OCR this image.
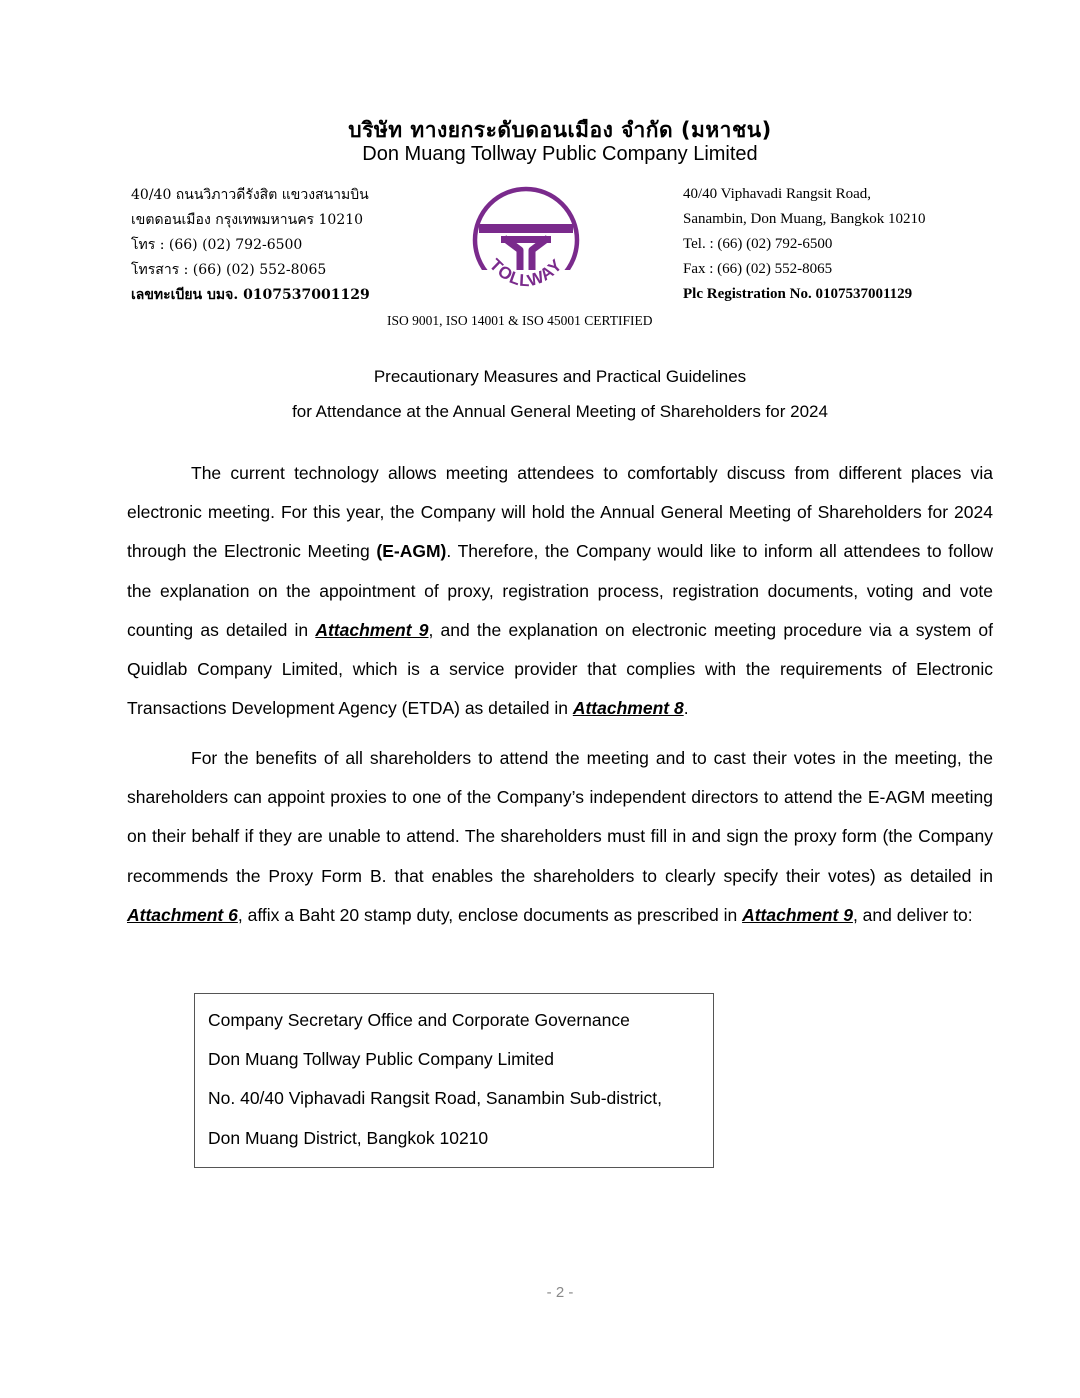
บริษัท ทางยกระดับดอนเมือง จำกัด (มหาชน)
Don Muang Tollway Public Company Limited
40/40 ถนนวิภาวดีรังสิต แขวงสนามบิน
เขตดอนเมือง กรุงเทพมหานคร 10210
โทร : (66) (02) 792-6500
โทรสาร : (66) (02) 552-8065
เลขทะเบียน บมจ. 0107537001129
TOLLWAY
40/40 Viphavadi Rangsit Road,
Sanambin, Don Muang, Bangkok 10210
Tel. : (66) (02) 792-6500
Fax : (66) (02) 552-8065
Plc Registration No. 0107537001129
ISO 9001, ISO 14001 & ISO 45001 CERTIFIED
Precautionary Measures and Practical Guidelines
for Attendance at the Annual General Meeting of Shareholders for 2024
The current technology allows meeting attendees to comfortably discuss from different places via electronic meeting. For this year, the Company will hold the Annual General Meeting of Shareholders for 2024 through the Electronic Meeting (E-AGM). Therefore, the Company would like to inform all attendees to follow the explanation on the appointment of proxy, registration process, registration documents, voting and vote counting as detailed in Attachment 9, and the explanation on electronic meeting procedure via a system of Quidlab Company Limited, which is a service provider that complies with the requirements of Electronic Transactions Development Agency (ETDA) as detailed in Attachment 8.
For the benefits of all shareholders to attend the meeting and to cast their votes in the meeting, the shareholders can appoint proxies to one of the Company’s independent directors to attend the E-AGM meeting on their behalf if they are unable to attend. The shareholders must fill in and sign the proxy form (the Company recommends the Proxy Form B. that enables the shareholders to clearly specify their votes) as detailed in Attachment 6, affix a Baht 20 stamp duty, enclose documents as prescribed in Attachment 9, and deliver to:
Company Secretary Office and Corporate Governance
Don Muang Tollway Public Company Limited
No. 40/40 Viphavadi Rangsit Road, Sanambin Sub-district,
Don Muang District, Bangkok 10210
- 2 -
